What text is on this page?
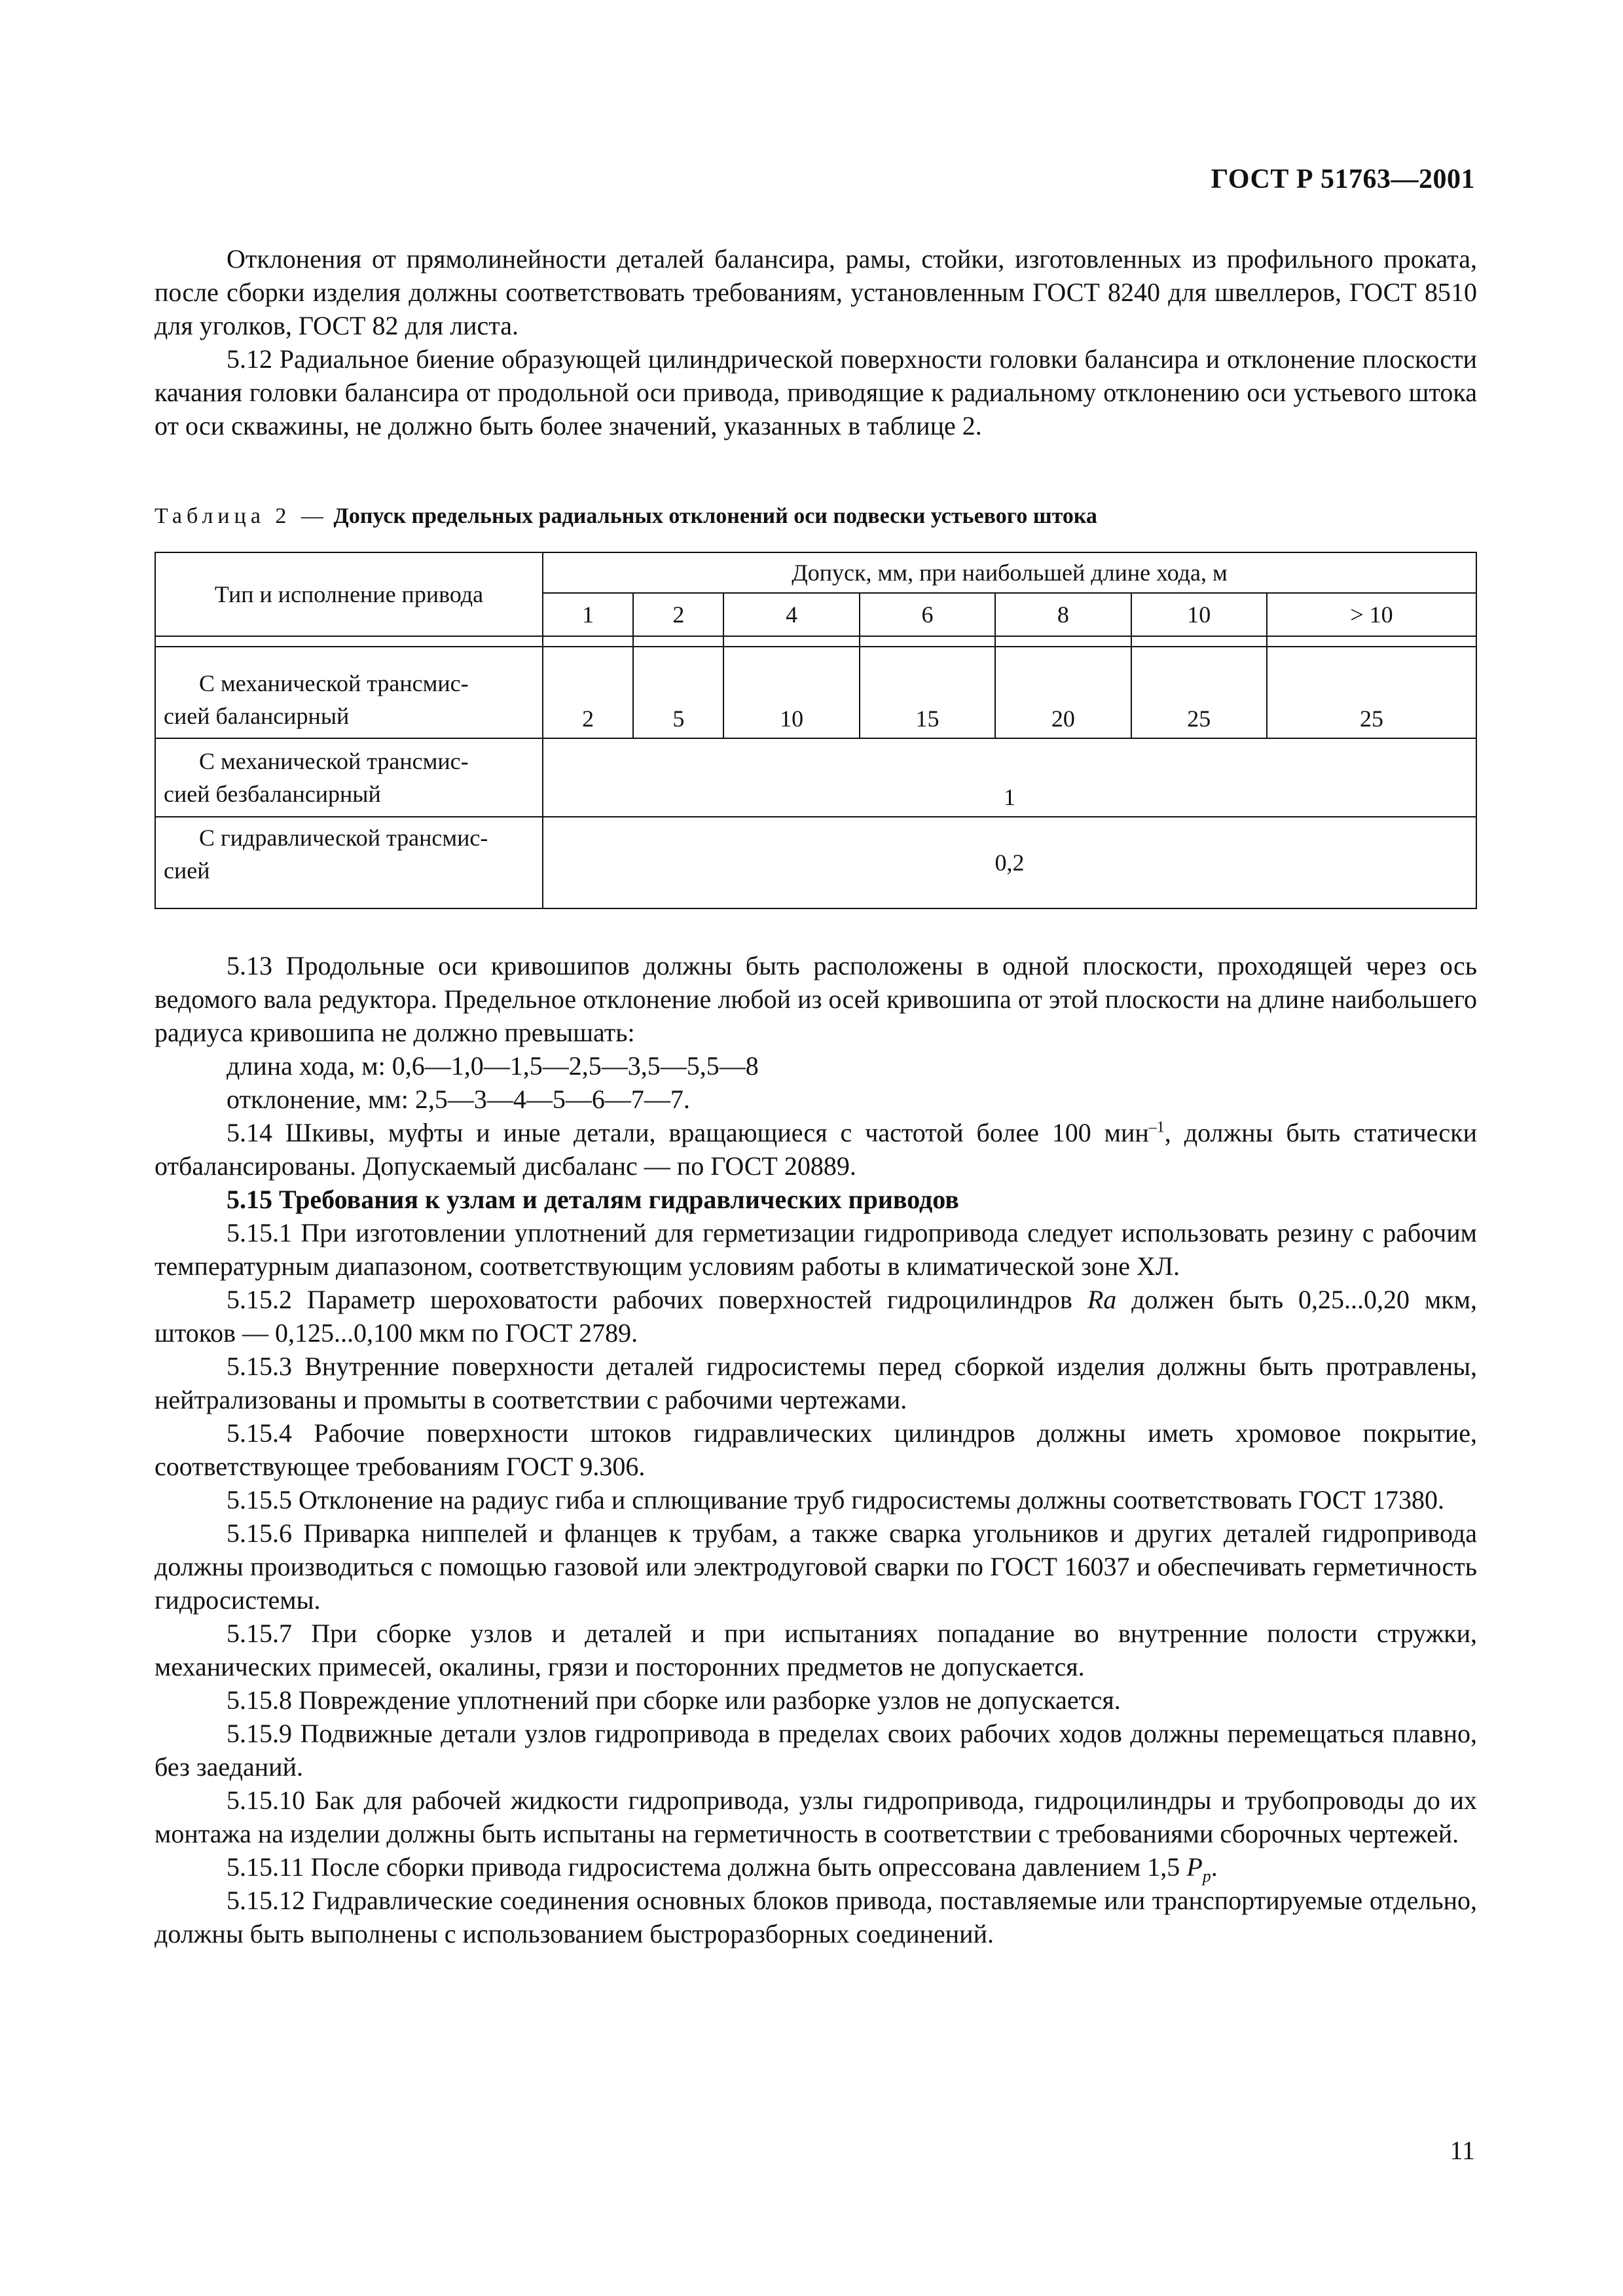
ГОСТ Р 51763—2001

Отклонения от прямолинейности деталей балансира, рамы, стойки, изготовленных из профильного проката, после сборки изделия должны соответствовать требованиям, установленным ГОСТ 8240 для швеллеров, ГОСТ 8510 для уголков, ГОСТ 82 для листа.

5.12 Радиальное биение образующей цилиндрической поверхности головки балансира и отклонение плоскости качания головки балансира от продольной оси привода, приводящие к радиальному отклонению оси устьевого штока от оси скважины, не должно быть более значений, указанных в таблице 2.

Таблица 2 — Допуск предельных радиальных отклонений оси подвески устьевого штока
Тип и исполнение привода	Допуск, мм, при наибольшей длине хода, м						
	1	2	4	6	8	10	> 10

С механической трансмис-
сией балансирный	2	5	10	15	20	25	25

С механической трансмис-
сией безбалансирный	1						

С гидравлической трансмис-
сией	0,2						

5.13 Продольные оси кривошипов должны быть расположены в одной плоскости, проходящей через ось ведомого вала редуктора. Предельное отклонение любой из осей кривошипа от этой плоскости на длине наибольшего радиуса кривошипа не должно превышать:

длина хода, м: 0,6—1,0—1,5—2,5—3,5—5,5—8

отклонение, мм: 2,5—3—4—5—6—7—7.

5.14 Шкивы, муфты и иные детали, вращающиеся с частотой более 100 мин$^{-1}$, должны быть статически отбалансированы. Допускаемый дисбаланс — по ГОСТ 20889.

5.15 Требования к узлам и деталям гидравлических приводов

5.15.1 При изготовлении уплотнений для герметизации гидропривода следует использовать резину с рабочим температурным диапазоном, соответствующим условиям работы в климатической зоне ХЛ.

5.15.2 Параметр шероховатости рабочих поверхностей гидроцилиндров Ra должен быть 0,25...0,20 мкм, штоков — 0,125...0,100 мкм по ГОСТ 2789.

5.15.3 Внутренние поверхности деталей гидросистемы перед сборкой изделия должны быть протравлены, нейтрализованы и промыты в соответствии с рабочими чертежами.

5.15.4 Рабочие поверхности штоков гидравлических цилиндров должны иметь хромовое покрытие, соответствующее требованиям ГОСТ 9.306.

5.15.5 Отклонение на радиус гиба и сплющивание труб гидросистемы должны соответствовать ГОСТ 17380.

5.15.6 Приварка ниппелей и фланцев к трубам, а также сварка угольников и других деталей гидропривода должны производиться с помощью газовой или электродуговой сварки по ГОСТ 16037 и обеспечивать герметичность гидросистемы.

5.15.7 При сборке узлов и деталей и при испытаниях попадание во внутренние полости стружки, механических примесей, окалины, грязи и посторонних предметов не допускается.

5.15.8 Повреждение уплотнений при сборке или разборке узлов не допускается.

5.15.9 Подвижные детали узлов гидропривода в пределах своих рабочих ходов должны перемещаться плавно, без заеданий.

5.15.10 Бак для рабочей жидкости гидропривода, узлы гидропривода, гидроцилиндры и трубопроводы до их монтажа на изделии должны быть испытаны на герметичность в соответствии с требованиями сборочных чертежей.

5.15.11 После сборки привода гидросистема должна быть опрессована давлением 1,5 $P_p$.

5.15.12 Гидравлические соединения основных блоков привода, поставляемые или транспортируемые отдельно, должны быть выполнены с использованием быстроразборных соединений.

11
